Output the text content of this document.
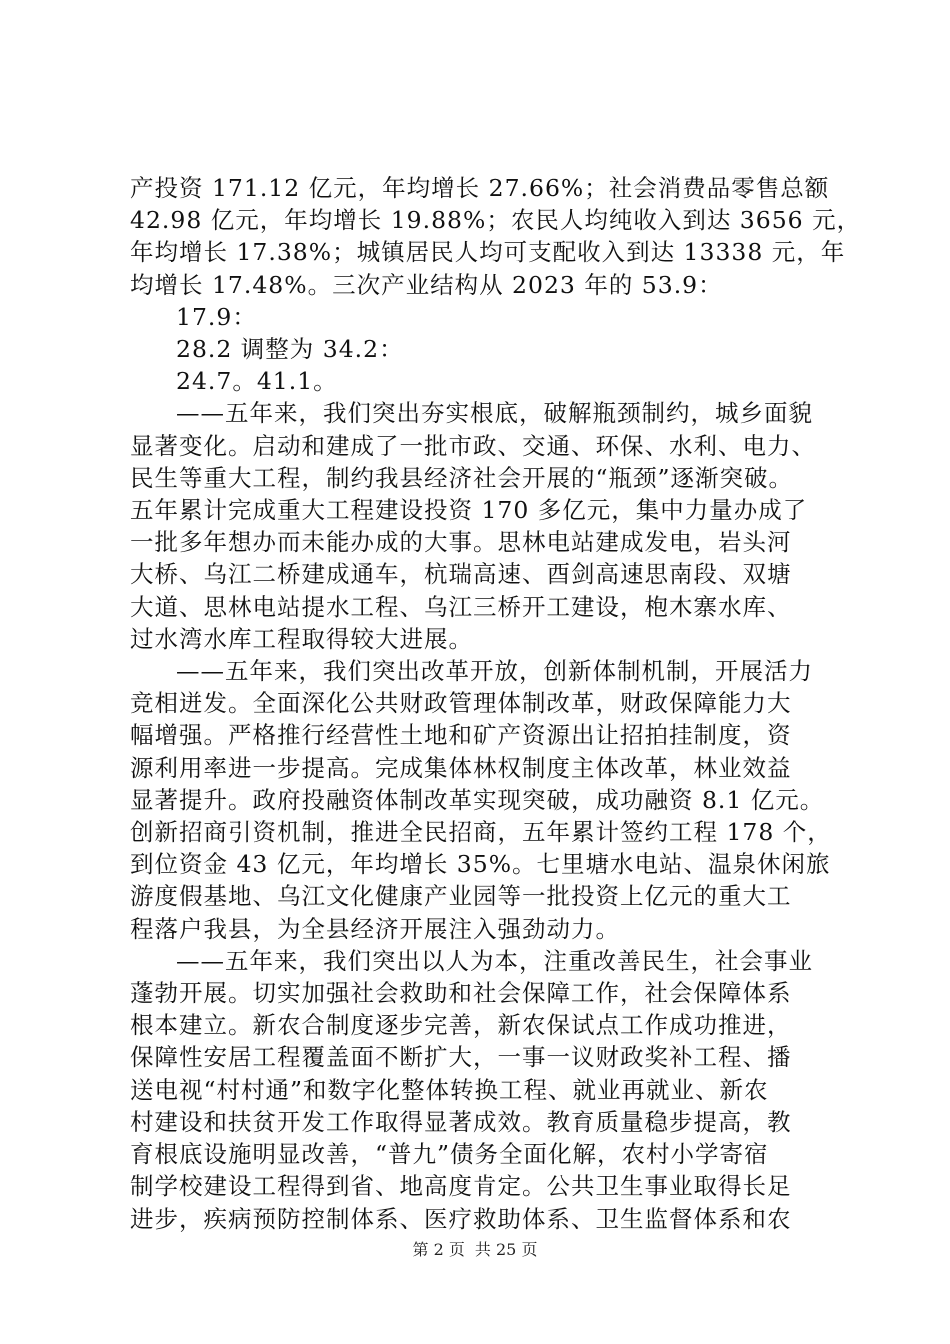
产投资 171.12 亿元，年均增长 27.66%；社会消费品零售总额
42.98 亿元，年均增长 19.88%；农民人均纯收入到达 3656 元，
年均增长 17.38%；城镇居民人均可支配收入到达 13338 元，年
均增长 17.48%。三次产业结构从 2023 年的 53.9：
17.9：
28.2 调整为 34.2：
24.7。41.1。
——五年来，我们突出夯实根底，破解瓶颈制约，城乡面貌
显著变化。启动和建成了一批市政、交通、环保、水利、电力、
民生等重大工程，制约我县经济社会开展的“瓶颈”逐渐突破。
五年累计完成重大工程建设投资 170 多亿元，集中力量办成了
一批多年想办而未能办成的大事。思林电站建成发电，岩头河
大桥、乌江二桥建成通车，杭瑞高速、酉剑高速思南段、双塘
大道、思林电站提水工程、乌江三桥开工建设，枹木寨水库、
过水湾水库工程取得较大进展。
——五年来，我们突出改革开放，创新体制机制，开展活力
竞相迸发。全面深化公共财政管理体制改革，财政保障能力大
幅增强。严格推行经营性土地和矿产资源出让招拍挂制度，资
源利用率进一步提高。完成集体林权制度主体改革，林业效益
显著提升。政府投融资体制改革实现突破，成功融资 8.1 亿元。
创新招商引资机制，推进全民招商，五年累计签约工程 178 个，
到位资金 43 亿元，年均增长 35%。七里塘水电站、温泉休闲旅
游度假基地、乌江文化健康产业园等一批投资上亿元的重大工
程落户我县，为全县经济开展注入强劲动力。
——五年来，我们突出以人为本，注重改善民生，社会事业
蓬勃开展。切实加强社会救助和社会保障工作，社会保障体系
根本建立。新农合制度逐步完善，新农保试点工作成功推进，
保障性安居工程覆盖面不断扩大，一事一议财政奖补工程、播
送电视“村村通”和数字化整体转换工程、就业再就业、新农
村建设和扶贫开发工作取得显著成效。教育质量稳步提高，教
育根底设施明显改善，“普九”债务全面化解，农村小学寄宿
制学校建设工程得到省、地高度肯定。公共卫生事业取得长足
进步，疾病预防控制体系、医疗救助体系、卫生监督体系和农
第 2 页 共 25 页
